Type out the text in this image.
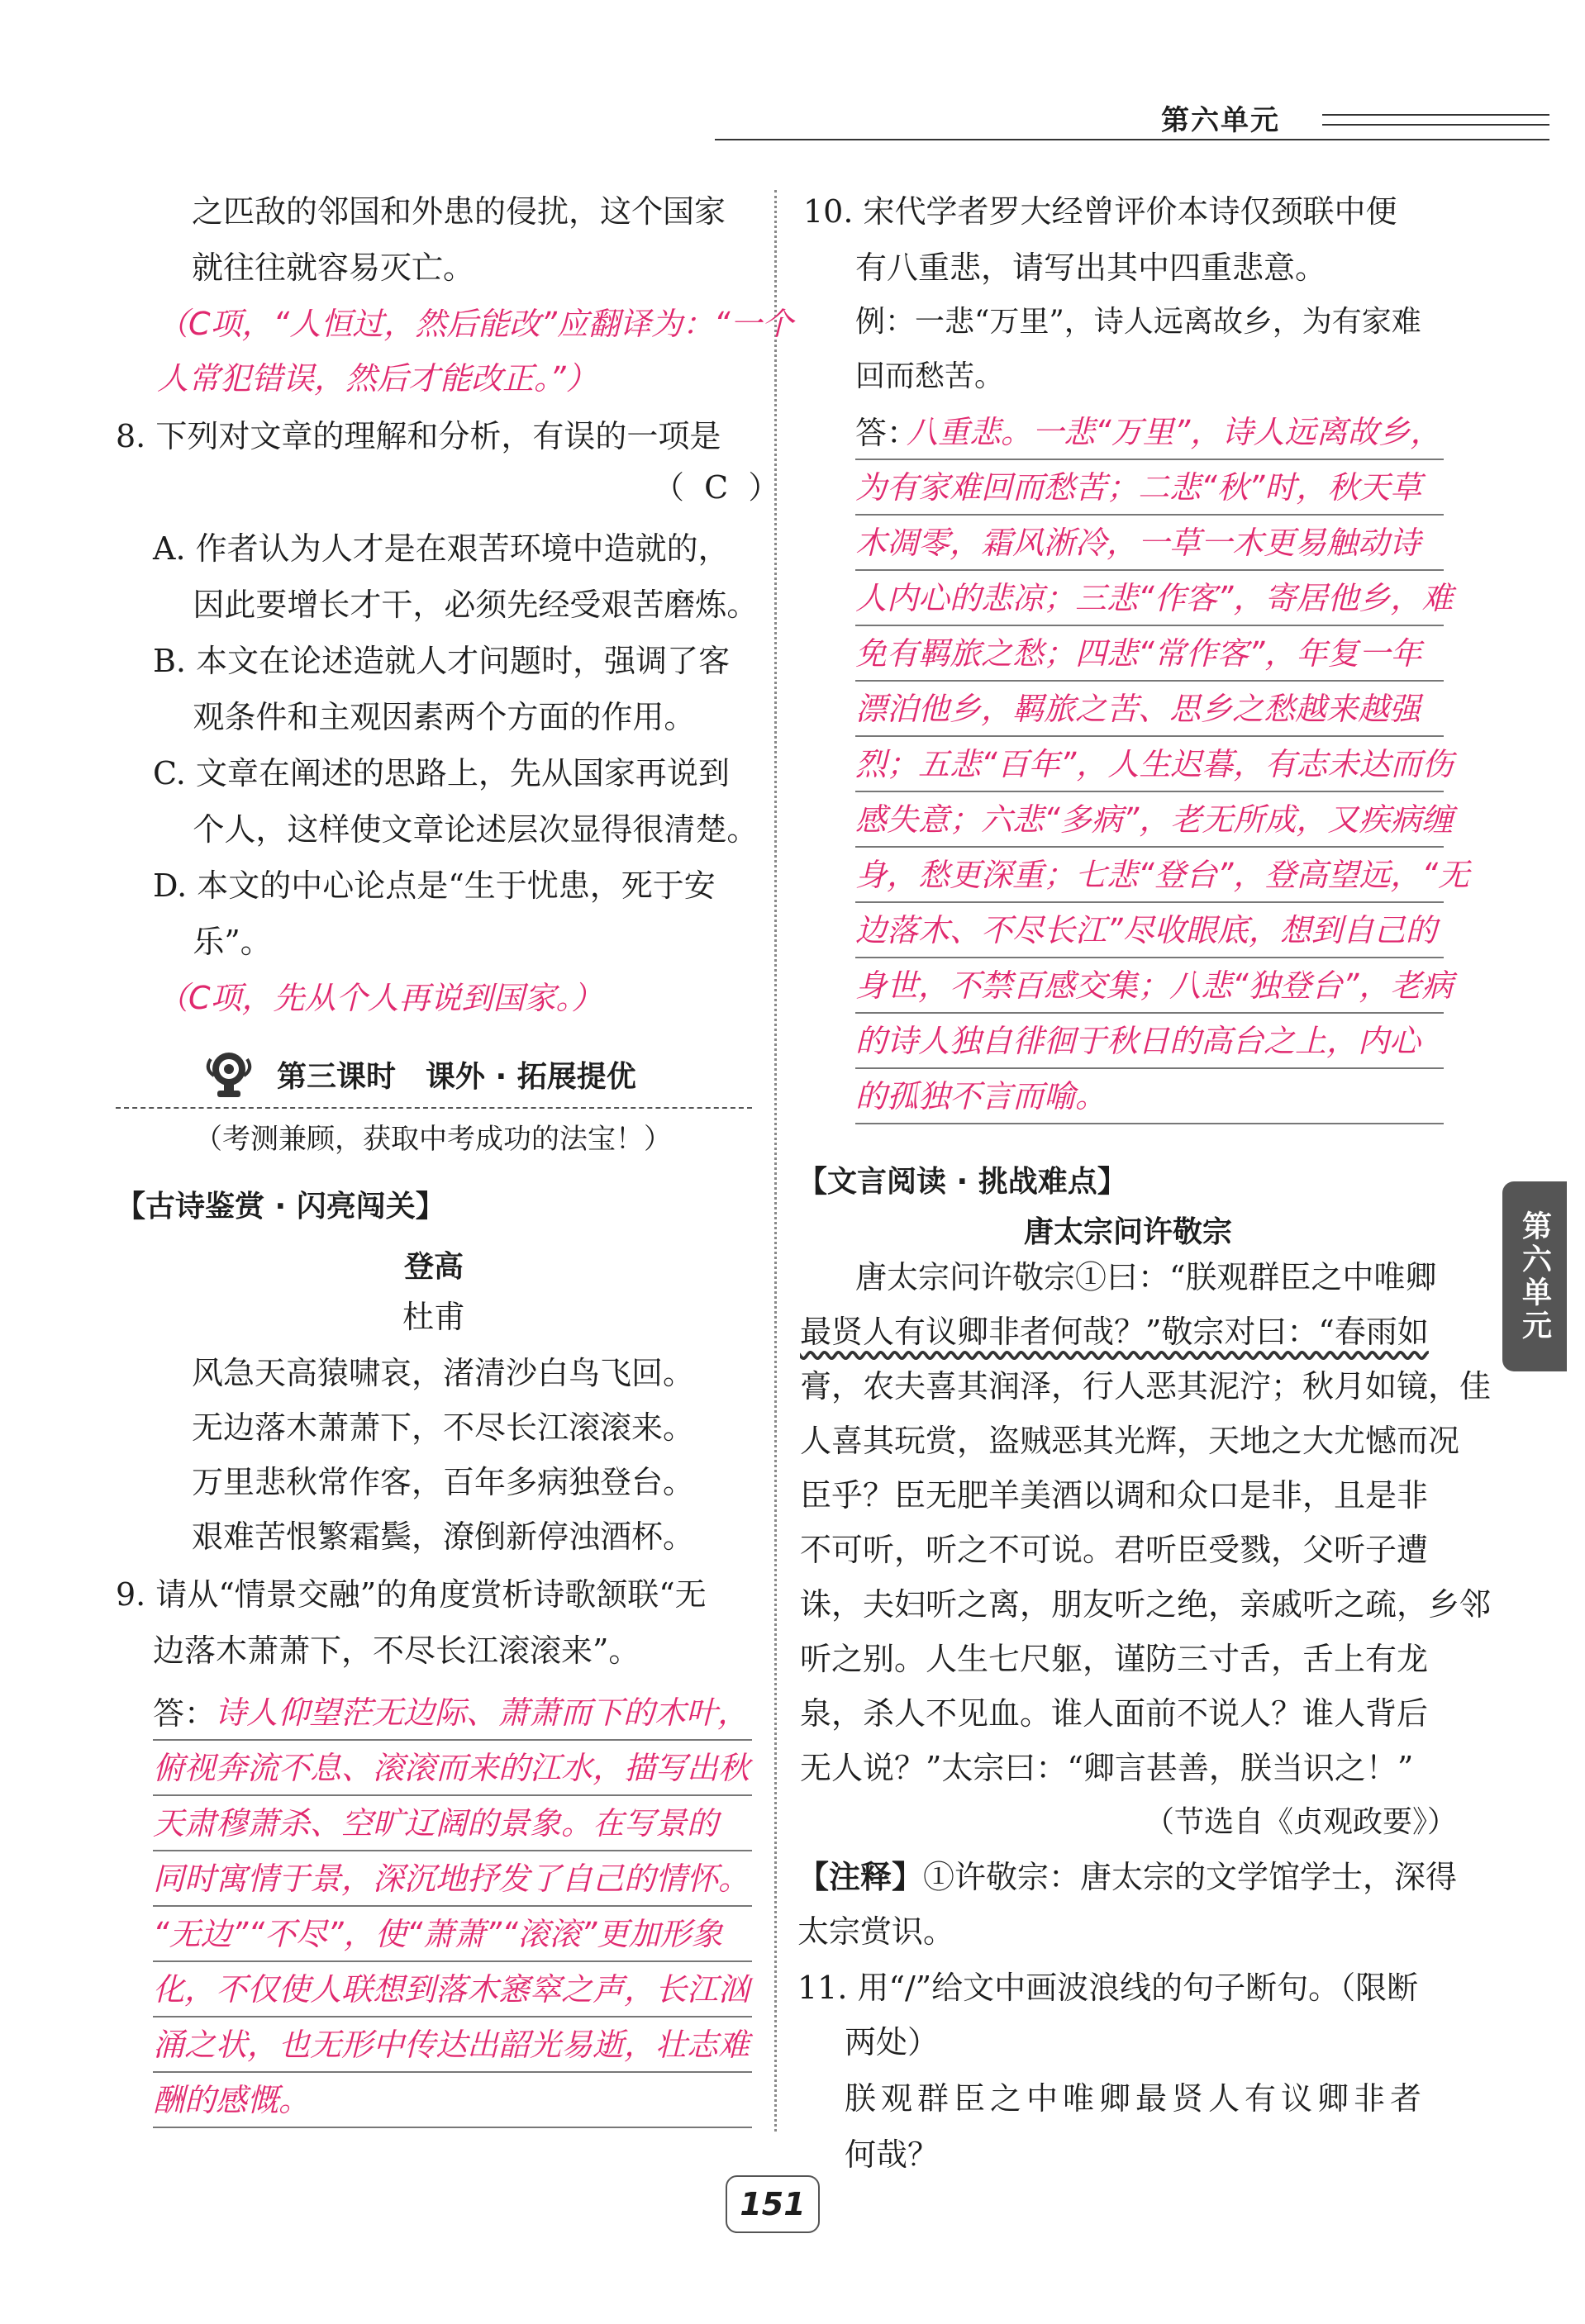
第六单元
第六单元
之匹敌的邻国和外患的侵扰，这个国家
就往往就容易灭亡。
（C项，“人恒过，然后能改”应翻译为：“一个
人常犯错误，然后才能改正。”）
8. 下列对文章的理解和分析，有误的一项是
（  C  ）
A. 作者认为人才是在艰苦环境中造就的，
因此要增长才干，必须先经受艰苦磨炼。
B. 本文在论述造就人才问题时，强调了客
观条件和主观因素两个方面的作用。
C. 文章在阐述的思路上，先从国家再说到
个人，这样使文章论述层次显得很清楚。
D. 本文的中心论点是“生于忧患，死于安
乐”。
（C项，先从个人再说到国家。）
第三课时　课外 · 拓展提优
（考测兼顾，获取中考成功的法宝！）
【古诗鉴赏 · 闪亮闯关】
登高
杜甫
风急天高猿啸哀，渚清沙白鸟飞回。
无边落木萧萧下，不尽长江滚滚来。
万里悲秋常作客，百年多病独登台。
艰难苦恨繁霜鬓，潦倒新停浊酒杯。
9. 请从“情景交融”的角度赏析诗歌颔联“无
边落木萧萧下，不尽长江滚滚来”。
答：
诗人仰望茫无边际、萧萧而下的木叶，
俯视奔流不息、滚滚而来的江水，描写出秋
天肃穆萧杀、空旷辽阔的景象。在写景的
同时寓情于景，深沉地抒发了自己的情怀。
“无边”“不尽”，使“萧萧”“滚滚”更加形象
化，不仅使人联想到落木窸窣之声，长江汹
涌之状，也无形中传达出韶光易逝，壮志难
酬的感慨。
10. 宋代学者罗大经曾评价本诗仅颈联中便
有八重悲，请写出其中四重悲意。
例：一悲“万里”，诗人远离故乡，为有家难
回而愁苦。
答：
八重悲。一悲“万里”，诗人远离故乡，
为有家难回而愁苦；二悲“秋”时，秋天草
木凋零，霜风淅冷，一草一木更易触动诗
人内心的悲凉；三悲“作客”，寄居他乡，难
免有羁旅之愁；四悲“常作客”，年复一年
漂泊他乡，羁旅之苦、思乡之愁越来越强
烈；五悲“百年”，人生迟暮，有志未达而伤
感失意；六悲“多病”，老无所成，又疾病缠
身，愁更深重；七悲“登台”，登高望远，“无
边落木、不尽长江”尽收眼底，想到自己的
身世，不禁百感交集；八悲“独登台”，老病
的诗人独自徘徊于秋日的高台之上，内心
的孤独不言而喻。
【文言阅读 · 挑战难点】
唐太宗问许敬宗
唐太宗问许敬宗①曰：“朕观群臣之中唯卿
最贤人有议卿非者何哉？”敬宗对曰：“春雨如
膏，农夫喜其润泽，行人恶其泥泞；秋月如镜，佳
人喜其玩赏，盗贼恶其光辉，天地之大尤憾而况
臣乎？臣无肥羊美酒以调和众口是非，且是非
不可听，听之不可说。君听臣受戮，父听子遭
诛，夫妇听之离，朋友听之绝，亲戚听之疏，乡邻
听之别。人生七尺躯，谨防三寸舌，舌上有龙
泉，杀人不见血。谁人面前不说人？谁人背后
无人说？”太宗曰：“卿言甚善，朕当识之！”
（节选自《贞观政要》）
【注释】①许敬宗：唐太宗的文学馆学士，深得
太宗赏识。
11. 用“/”给文中画波浪线的句子断句。（限断
两处）
朕观群臣之中唯卿最贤人有议卿非者
何哉？
151
